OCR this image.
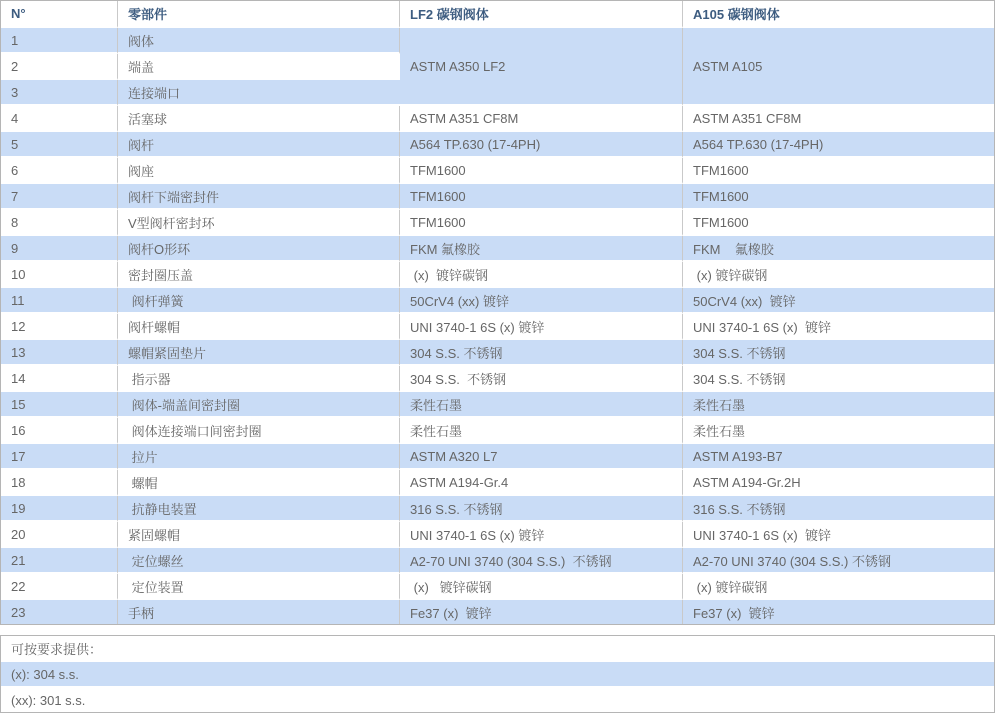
N°	零部件	LF2 碳钢阀体	A105 碳钢阀体
1	阀体	ASTM A350 LF2	ASTM A105
2	端盖		
3	连接端口		
4	活塞球	ASTM A351 CF8M	ASTM A351 CF8M
5	阀杆	A564 TP.630 (17-4PH)	A564 TP.630 (17-4PH)
6	阀座	TFM1600	TFM1600
7	阀杆下端密封件	TFM1600	TFM1600
8	V型阀杆密封环	TFM1600	TFM1600
9	阀杆O形环	FKM 氟橡胶	FKM    氟橡胶
10	密封圈压盖	(x)  镀锌碳钢	(x) 镀锌碳钢
11	阀杆弹簧	50CrV4 (xx) 镀锌	50CrV4 (xx)  镀锌
12	阀杆螺帽	UNI 3740-1 6S (x) 镀锌	UNI 3740-1 6S (x)  镀锌
13	螺帽紧固垫片	304 S.S. 不锈钢	304 S.S. 不锈钢
14	指示器	304 S.S.  不锈钢	304 S.S. 不锈钢
15	阀体-端盖间密封圈	柔性石墨	柔性石墨
16	阀体连接端口间密封圈	柔性石墨	柔性石墨
17	拉片	ASTM A320 L7	ASTM A193-B7
18	螺帽	ASTM A194-Gr.4	ASTM A194-Gr.2H
19	抗静电装置	316 S.S. 不锈钢	316 S.S. 不锈钢
20	紧固螺帽	UNI 3740-1 6S (x) 镀锌	UNI 3740-1 6S (x)  镀锌
21	定位螺丝	A2-70 UNI 3740 (304 S.S.)  不锈钢	A2-70 UNI 3740 (304 S.S.) 不锈钢
22	定位装置	(x)   镀锌碳钢	(x) 镀锌碳钢
23	手柄	Fe37 (x)  镀锌	Fe37 (x)  镀锌
可按要求提供：
(x): 304 s.s.
(xx): 301 s.s.
